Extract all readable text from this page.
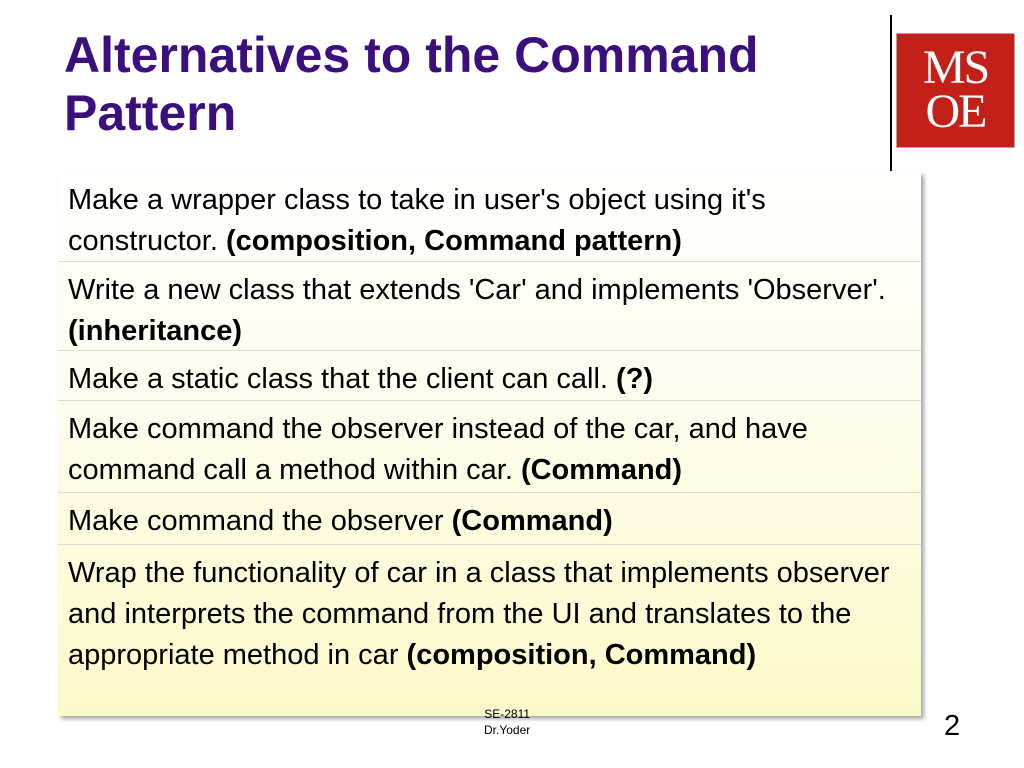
Alternatives to the Command Pattern
MS
OE
Make a wrapper class to take in user's object using it's constructor. (composition, Command pattern)
Write a new class that extends 'Car' and implements 'Observer'. (inheritance)
Make a static class that the client can call. (?)
Make command the observer instead of the car, and have command call a method within car. (Command)
Make command the observer (Command)
Wrap the functionality of car in a class that implements observer and interprets the command from the UI and translates to the appropriate method in car (composition, Command)
SE-2811
Dr.Yoder	2
